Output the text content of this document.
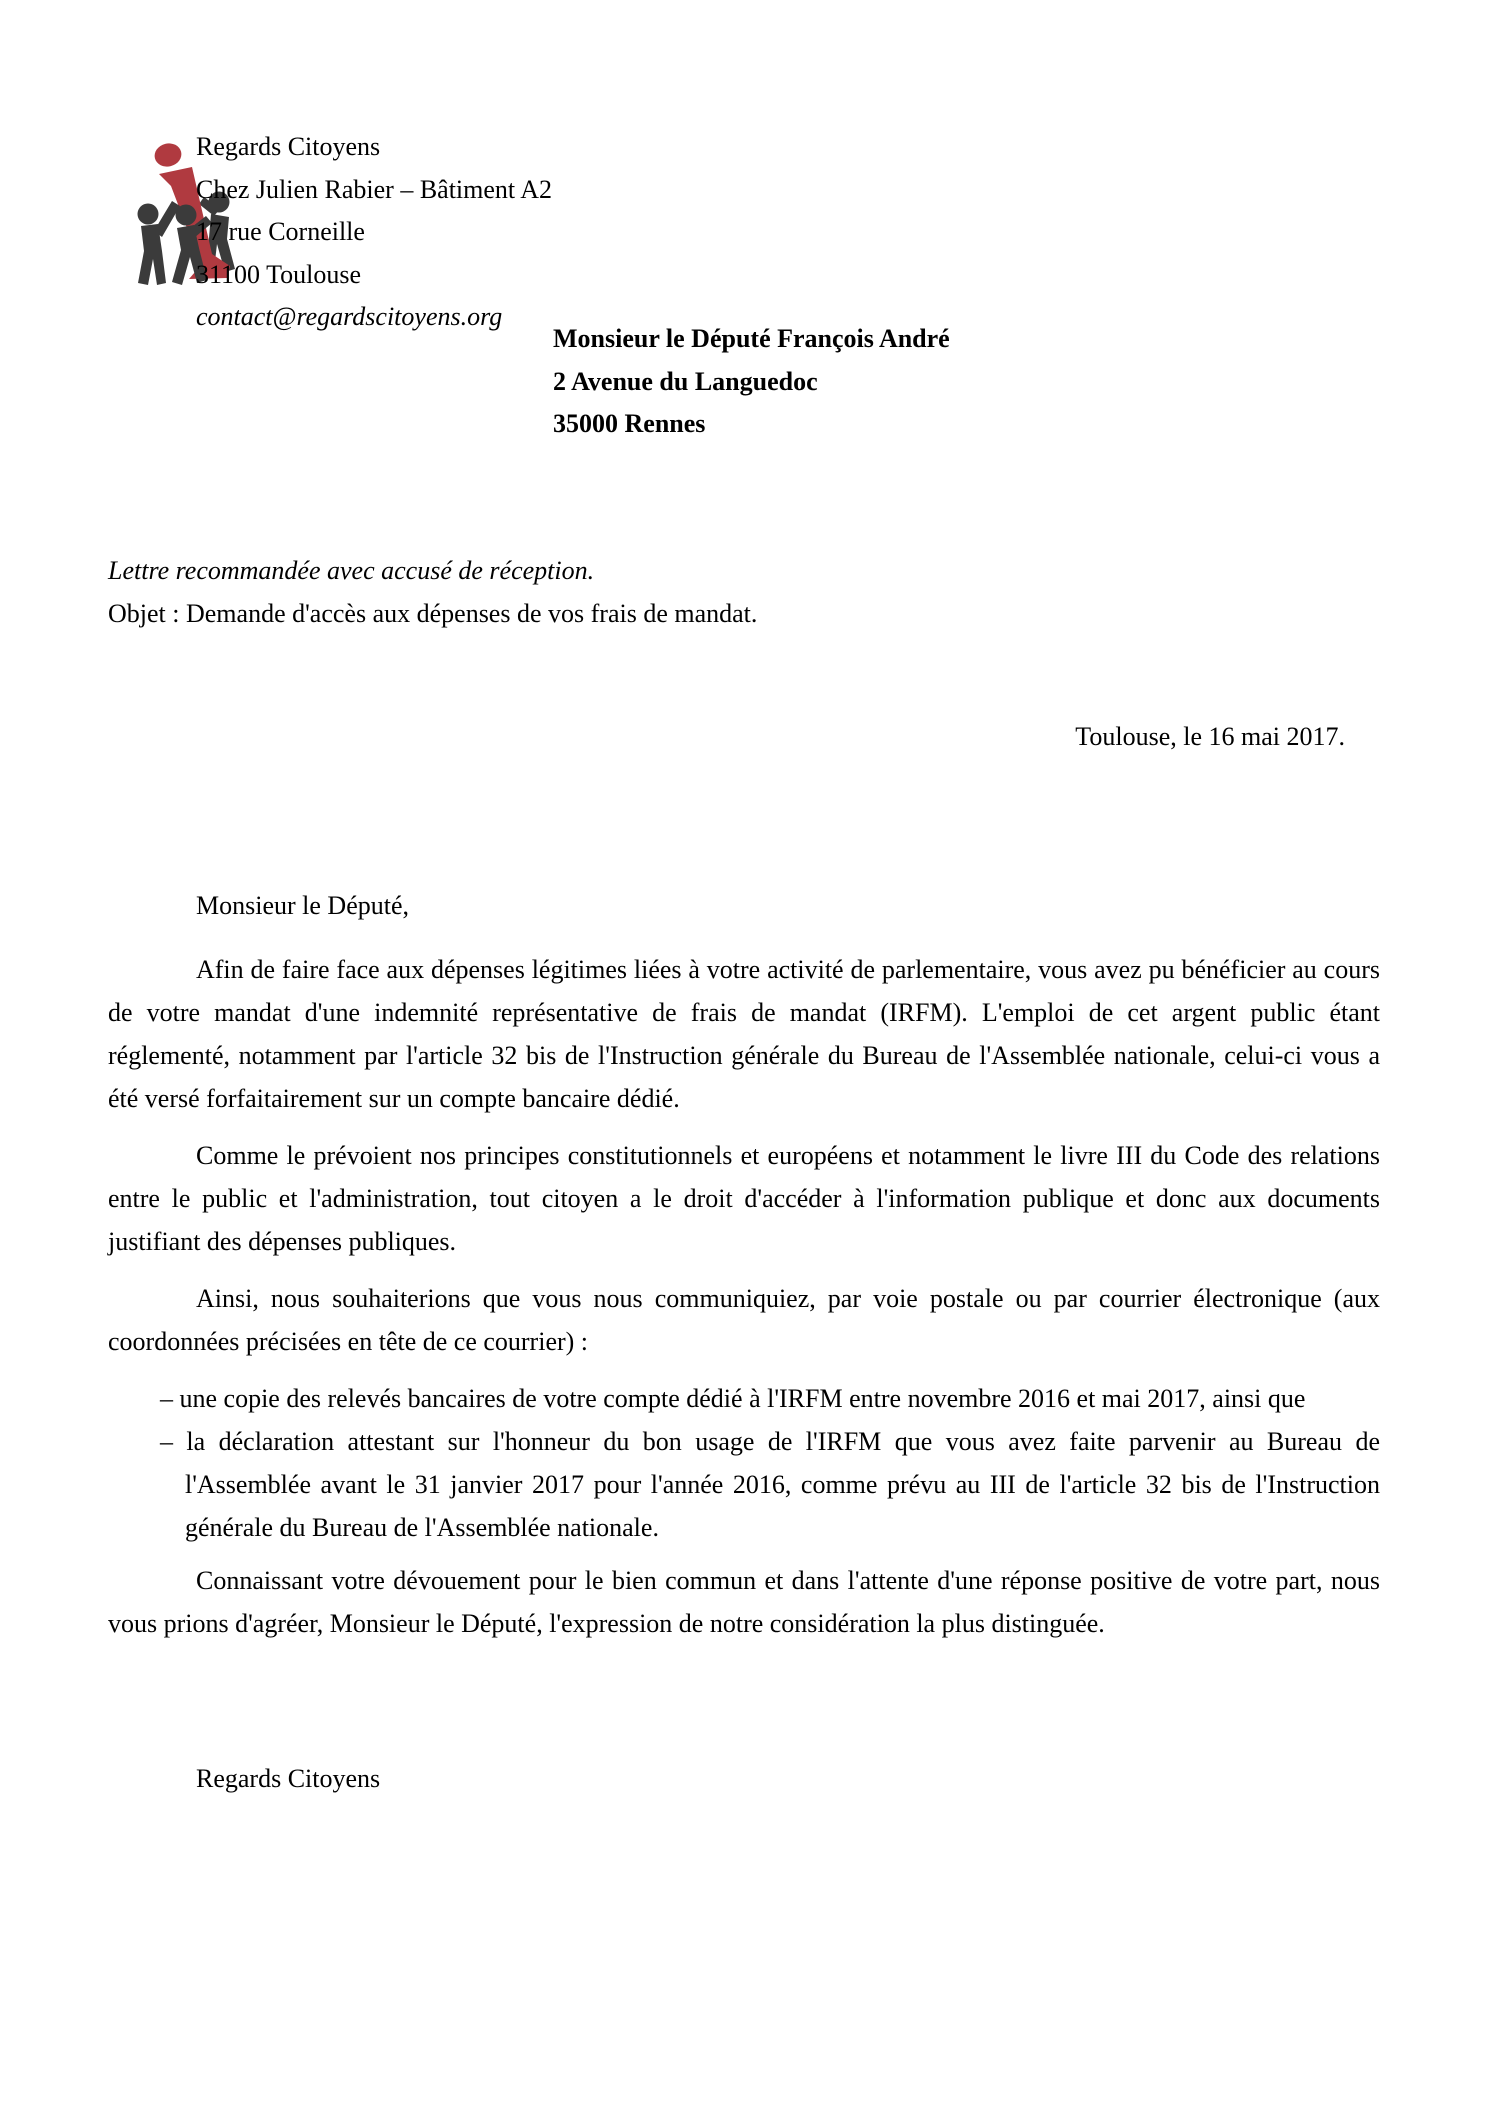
Regards Citoyens
Chez Julien Rabier – Bâtiment A2
17 rue Corneille
31100 Toulouse
contact@regardscitoyens.org
Monsieur le Député François André
2 Avenue du Languedoc
35000 Rennes
Lettre recommandée avec accusé de réception.
Objet : Demande d'accès aux dépenses de vos frais de mandat.
Toulouse, le 16 mai 2017.
Monsieur le Député,

Afin de faire face aux dépenses légitimes liées à votre activité de parlementaire, vous avez pu bénéficier au cours de votre mandat d'une indemnité représentative de frais de mandat (IRFM). L'emploi de cet argent public étant réglementé, notamment par l'article 32 bis de l'Instruction générale du Bureau de l'Assemblée nationale, celui-ci vous a été versé forfaitairement sur un compte bancaire dédié.

Comme le prévoient nos principes constitutionnels et européens et notamment le livre III du Code des relations entre le public et l'administration, tout citoyen a le droit d'accéder à l'information publique et donc aux documents justifiant des dépenses publiques.

Ainsi, nous souhaiterions que vous nous communiquiez, par voie postale ou par courrier électronique (aux coordonnées précisées en tête de ce courrier) :

– une copie des relevés bancaires de votre compte dédié à l'IRFM entre novembre 2016 et mai 2017, ainsi que
– la déclaration attestant sur l'honneur du bon usage de l'IRFM que vous avez faite parvenir au Bureau de l'Assemblée avant le 31 janvier 2017 pour l'année 2016, comme prévu au III de l'article 32 bis de l'Instruction générale du Bureau de l'Assemblée nationale.

Connaissant votre dévouement pour le bien commun et dans l'attente d'une réponse positive de votre part, nous vous prions d'agréer, Monsieur le Député, l'expression de notre considération la plus distinguée.

Regards Citoyens
